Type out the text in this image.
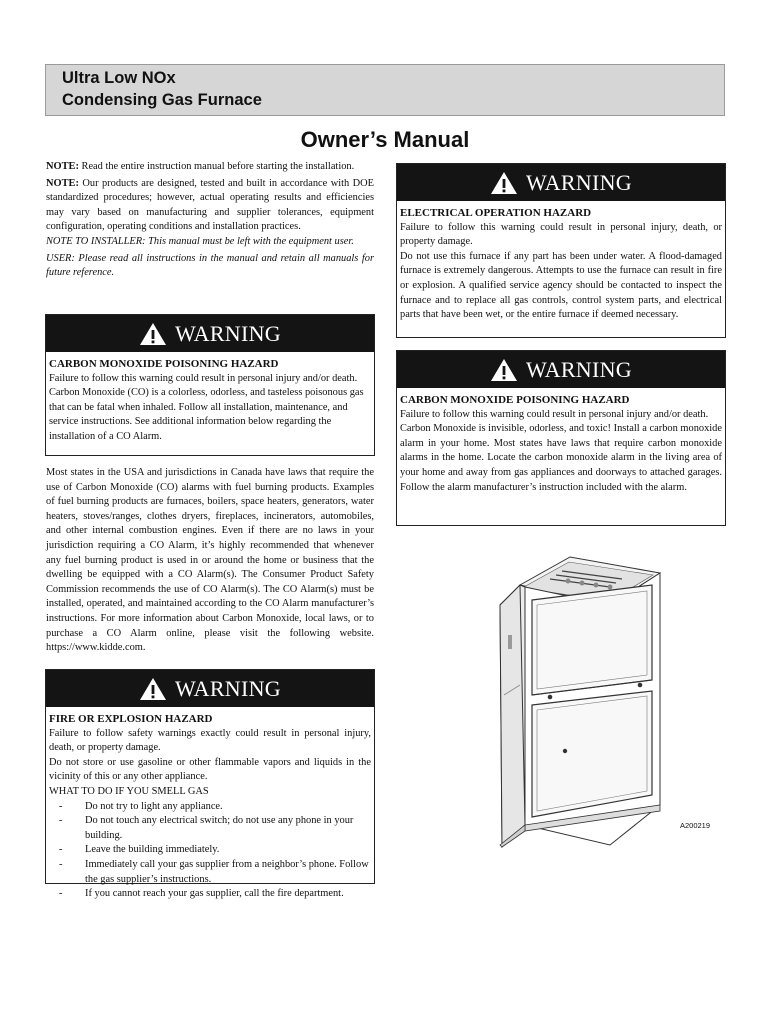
Ultra Low NOx
Condensing Gas Furnace
Owner’s Manual

NOTE: Read the entire instruction manual before starting the installation.

NOTE: Our products are designed, tested and built in accordance with DOE standardized procedures; however, actual operating results and efficiencies may vary based on manufacturing and supplier tolerances, equipment configuration, operating conditions and installation practices.

NOTE TO INSTALLER: This manual must be left with the equipment user.

USER: Please read all instructions in the manual and retain all manuals for future reference.

WARNING

CARBON MONOXIDE POISONING HAZARD

Failure to follow this warning could result in personal injury and/or death.

Carbon Monoxide (CO) is a colorless, odorless, and tasteless poisonous gas that can be fatal when inhaled. Follow all installation, maintenance, and service instructions. See additional information below regarding the installation of a CO Alarm.

Most states in the USA and jurisdictions in Canada have laws that require the use of Carbon Monoxide (CO) alarms with fuel burning products. Examples of fuel burning products are furnaces, boilers, space heaters, generators, water heaters, stoves/ranges, clothes dryers, fireplaces, incinerators, automobiles, and other internal combustion engines. Even if there are no laws in your jurisdiction requiring a CO Alarm, it’s highly recommended that whenever any fuel burning product is used in or around the home or business that the dwelling be equipped with a CO Alarm(s). The Consumer Product Safety Commission recommends the use of CO Alarm(s). The CO Alarm(s) must be installed, operated, and maintained according to the CO Alarm manufacturer’s instructions. For more information about Carbon Monoxide, local laws, or to purchase a CO Alarm online, please visit the following website. https://www.kidde.com.
WARNING

FIRE OR EXPLOSION HAZARD

Failure to follow safety warnings exactly could result in personal injury, death, or property damage.

Do not store or use gasoline or other flammable vapors and liquids in the vicinity of this or any other appliance.

WHAT TO DO IF YOU SMELL GAS

- Do not try to light any appliance.
- Do not touch any electrical switch; do not use any phone in your building.
- Leave the building immediately.
- Immediately call your gas supplier from a neighbor’s phone. Follow the gas supplier’s instructions.
- If you cannot reach your gas supplier, call the fire department.
WARNING

ELECTRICAL OPERATION HAZARD

Failure to follow this warning could result in personal injury, death, or property damage.

Do not use this furnace if any part has been under water. A flood-damaged furnace is extremely dangerous. Attempts to use the furnace can result in fire or explosion. A qualified service agency should be contacted to inspect the furnace and to replace all gas controls, control system parts, and electrical parts that have been wet, or the entire furnace if deemed necessary.

WARNING

CARBON MONOXIDE POISONING HAZARD

Failure to follow this warning could result in personal injury and/or death.

Carbon Monoxide is invisible, odorless, and toxic! Install a carbon monoxide alarm in your home. Most states have laws that require carbon monoxide alarms in the home. Locate the carbon monoxide alarm in the living area of your home and away from gas appliances and doorways to attached garages. Follow the alarm manufacturer’s instruction included with the alarm.

A200219
